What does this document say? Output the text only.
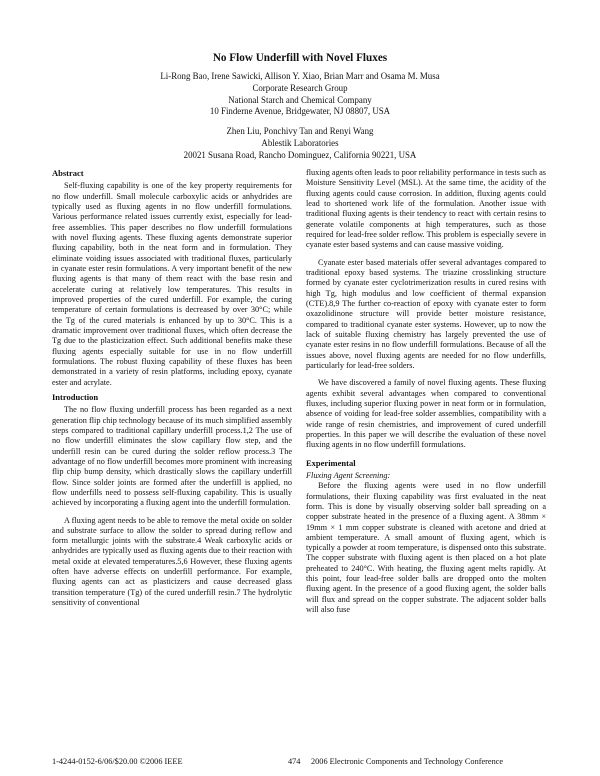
No Flow Underfill with Novel Fluxes
Li-Rong Bao, Irene Sawicki, Allison Y. Xiao, Brian Marr and Osama M. Musa
Corporate Research Group
National Starch and Chemical Company
10 Finderne Avenue, Bridgewater, NJ 08807, USA
Zhen Liu, Ponchivy Tan and Renyi Wang
Ablestik Laboratories
20021 Susana Road, Rancho Dominguez, California 90221, USA
Abstract

Self-fluxing capability is one of the key property requirements for no flow underfill. Small molecule carboxylic acids or anhydrides are typically used as fluxing agents in no flow underfill formulations. Various performance related issues currently exist, especially for lead-free assemblies. This paper describes no flow underfill formulations with novel fluxing agents. These fluxing agents demonstrate superior fluxing capability, both in the neat form and in formulation. They eliminate voiding issues associated with traditional fluxes, particularly in cyanate ester resin formulations. A very important benefit of the new fluxing agents is that many of them react with the base resin and accelerate curing at relatively low temperatures. This results in improved properties of the cured underfill. For example, the curing temperature of certain formulations is decreased by over 30°C; while the Tg of the cured materials is enhanced by up to 30°C. This is a dramatic improvement over traditional fluxes, which often decrease the Tg due to the plasticization effect. Such additional benefits make these fluxing agents especially suitable for use in no flow underfill formulations. The robust fluxing capability of these fluxes has been demonstrated in a variety of resin platforms, including epoxy, cyanate ester and acrylate.

Introduction

The no flow fluxing underfill process has been regarded as a next generation flip chip technology because of its much simplified assembly steps compared to traditional capillary underfill process.1,2 The use of no flow underfill eliminates the slow capillary flow step, and the underfill resin can be cured during the solder reflow process.3 The advantage of no flow underfill becomes more prominent with increasing flip chip bump density, which drastically slows the capillary underfill flow. Since solder joints are formed after the underfill is applied, no flow underfills need to possess self-fluxing capability. This is usually achieved by incorporating a fluxing agent into the underfill formulation.

A fluxing agent needs to be able to remove the metal oxide on solder and substrate surface to allow the solder to spread during reflow and form metallurgic joints with the substrate.4 Weak carboxylic acids or anhydrides are typically used as fluxing agents due to their reaction with metal oxide at elevated temperatures.5,6 However, these fluxing agents often have adverse effects on underfill performance. For example, fluxing agents can act as plasticizers and cause decreased glass transition temperature (Tg) of the cured underfill resin.7 The hydrolytic sensitivity of conventional

fluxing agents often leads to poor reliability performance in tests such as Moisture Sensitivity Level (MSL). At the same time, the acidity of the fluxing agents could cause corrosion. In addition, fluxing agents could lead to shortened work life of the formulation. Another issue with traditional fluxing agents is their tendency to react with certain resins to generate volatile components at high temperatures, such as those required for lead-free solder reflow. This problem is especially severe in cyanate ester based systems and can cause massive voiding.

Cyanate ester based materials offer several advantages compared to traditional epoxy based systems. The triazine crosslinking structure formed by cyanate ester cyclotrimerization results in cured resins with high Tg, high modulus and low coefficient of thermal expansion (CTE).8,9 The further co-reaction of epoxy with cyanate ester to form oxazolidinone structure will provide better moisture resistance, compared to traditional cyanate ester systems. However, up to now the lack of suitable fluxing chemistry has largely prevented the use of cyanate ester resins in no flow underfill formulations. Because of all the issues above, novel fluxing agents are needed for no flow underfills, particularly for lead-free solders.

We have discovered a family of novel fluxing agents. These fluxing agents exhibit several advantages when compared to conventional fluxes, including superior fluxing power in neat form or in formulation, absence of voiding for lead-free solder assemblies, compatibility with a wide range of resin chemistries, and improvement of cured underfill properties. In this paper we will describe the evaluation of these novel fluxing agents in no flow underfill formulations.

Experimental
Fluxing Agent Screening:

Before the fluxing agents were used in no flow underfill formulations, their fluxing capability was first evaluated in the neat form. This is done by visually observing solder ball spreading on a copper substrate heated in the presence of a fluxing agent. A 38mm × 19mm × 1 mm copper substrate is cleaned with acetone and dried at ambient temperature. A small amount of fluxing agent, which is typically a powder at room temperature, is dispensed onto this substrate. The copper substrate with fluxing agent is then placed on a hot plate preheated to 240°C. With heating, the fluxing agent melts rapidly. At this point, four lead-free solder balls are dropped onto the molten fluxing agent. In the presence of a good fluxing agent, the solder balls will flux and spread on the copper substrate. The adjacent solder balls will also fuse

1-4244-0152-6/06/$20.00 ©2006 IEEE	474 2006 Electronic Components and Technology Conference
